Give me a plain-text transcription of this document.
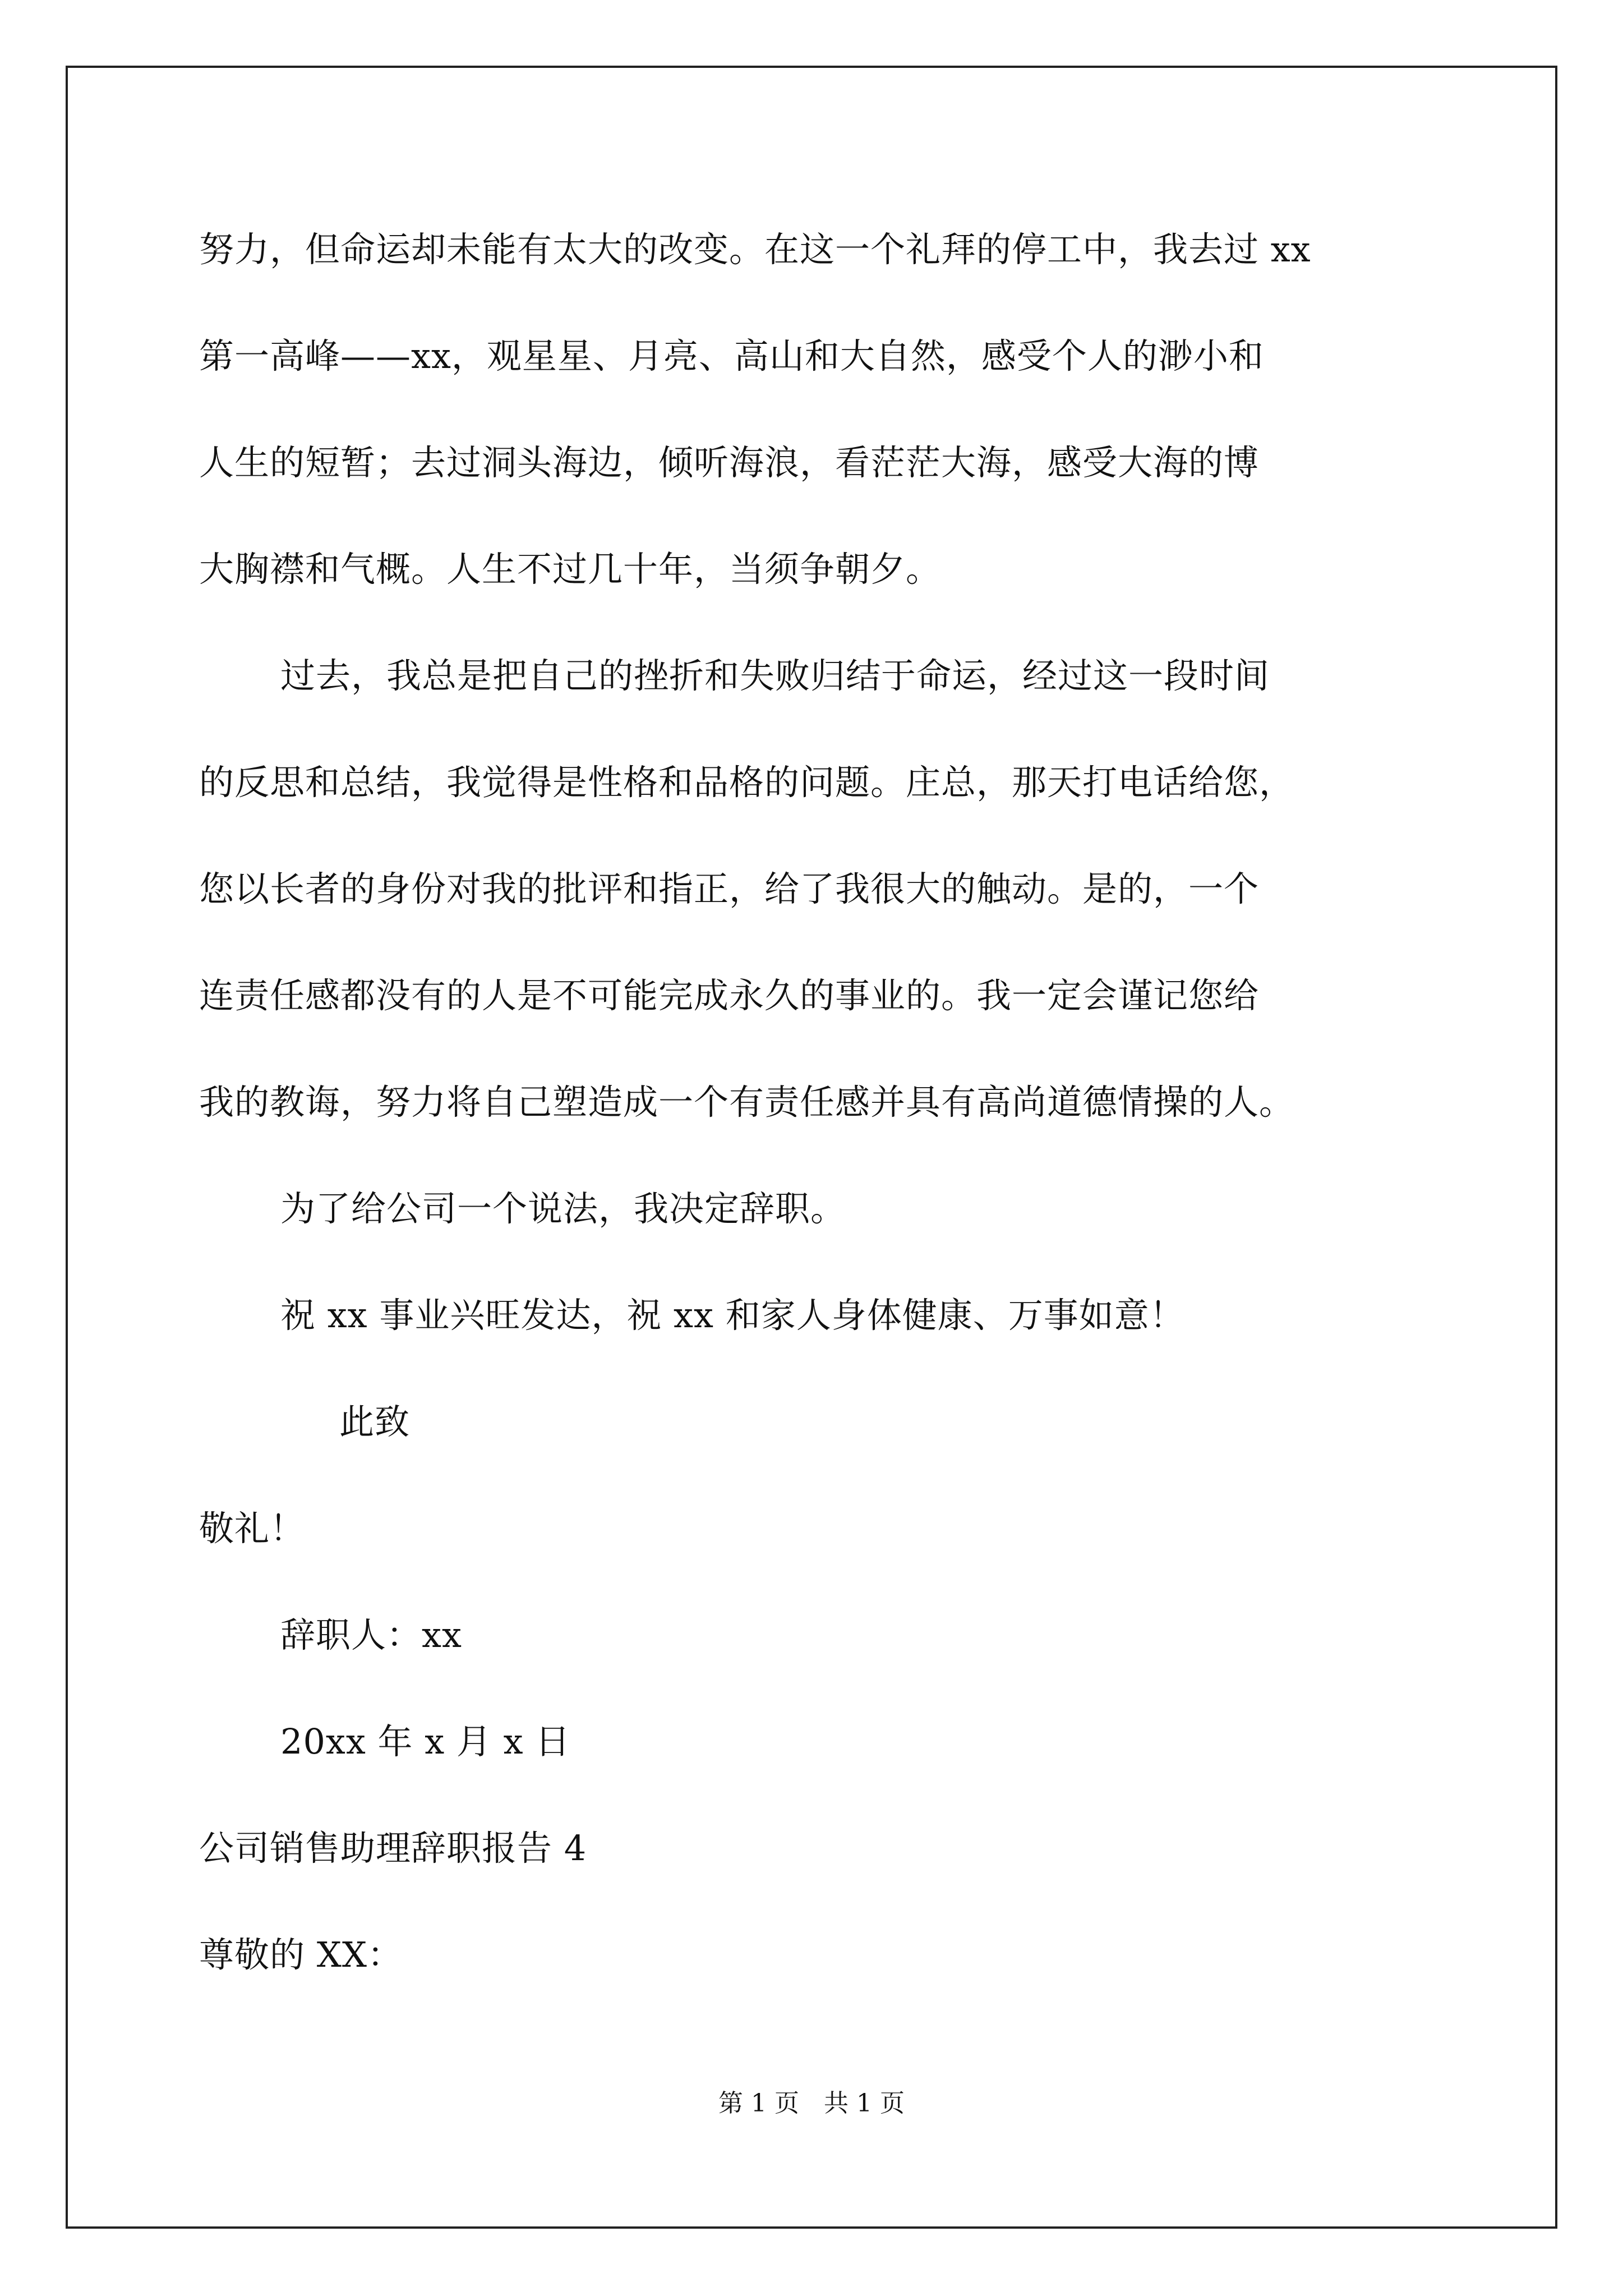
努力，但命运却未能有太大的改变。在这一个礼拜的停工中，我去过 xx
第一高峰——xx，观星星、月亮、高山和大自然，感受个人的渺小和
人生的短暂；去过洞头海边，倾听海浪，看茫茫大海，感受大海的博
大胸襟和气概。人生不过几十年，当须争朝夕。
过去，我总是把自己的挫折和失败归结于命运，经过这一段时间
的反思和总结，我觉得是性格和品格的问题。庄总，那天打电话给您，
您以长者的身份对我的批评和指正，给了我很大的触动。是的，一个
连责任感都没有的人是不可能完成永久的事业的。我一定会谨记您给
我的教诲，努力将自己塑造成一个有责任感并具有高尚道德情操的人。
为了给公司一个说法，我决定辞职。
祝 xx 事业兴旺发达，祝 xx 和家人身体健康、万事如意！
此致
敬礼！
辞职人：xx
20xx 年 x 月 x 日
公司销售助理辞职报告 4
尊敬的 XX：
第 1 页　共 1 页
